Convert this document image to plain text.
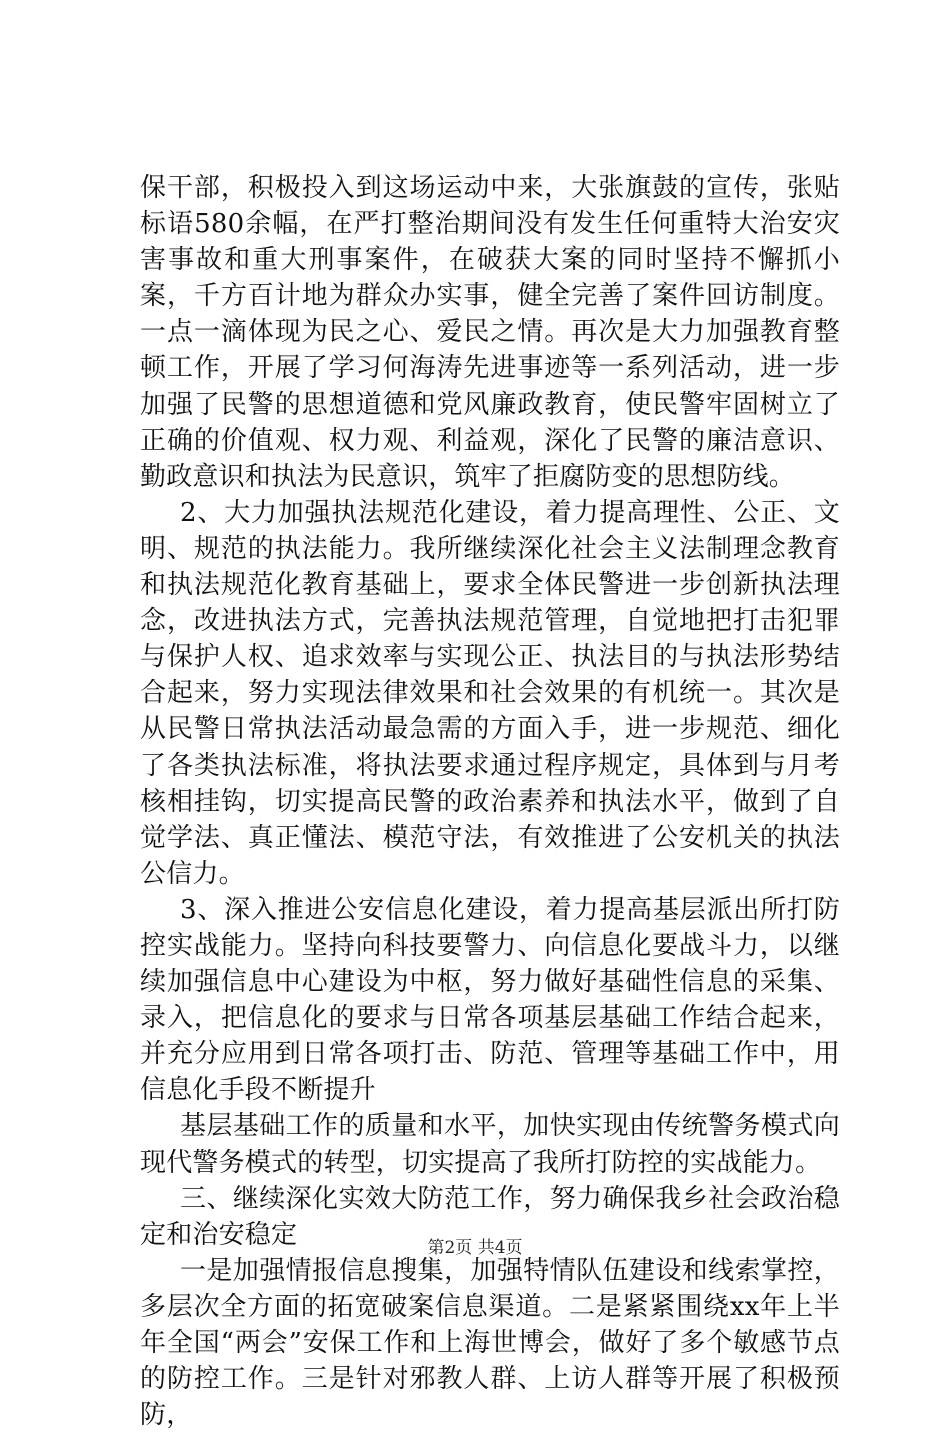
保干部，积极投入到这场运动中来，大张旗鼓的宣传，张贴标语580余幅，在严打整治期间没有发生任何重特大治安灾害事故和重大刑事案件，在破获大案的同时坚持不懈抓小案，千方百计地为群众办实事，健全完善了案件回访制度。一点一滴体现为民之心、爱民之情。再次是大力加强教育整顿工作，开展了学习何海涛先进事迹等一系列活动，进一步加强了民警的思想道德和党风廉政教育，使民警牢固树立了正确的价值观、权力观、利益观，深化了民警的廉洁意识、勤政意识和执法为民意识，筑牢了拒腐防变的思想防线。

2、大力加强执法规范化建设，着力提高理性、公正、文明、规范的执法能力。我所继续深化社会主义法制理念教育和执法规范化教育基础上，要求全体民警进一步创新执法理念，改进执法方式，完善执法规范管理，自觉地把打击犯罪与保护人权、追求效率与实现公正、执法目的与执法形势结合起来，努力实现法律效果和社会效果的有机统一。其次是从民警日常执法活动最急需的方面入手，进一步规范、细化了各类执法标准，将执法要求通过程序规定，具体到与月考核相挂钩，切实提高民警的政治素养和执法水平，做到了自觉学法、真正懂法、模范守法，有效推进了公安机关的执法公信力。

3、深入推进公安信息化建设，着力提高基层派出所打防控实战能力。坚持向科技要警力、向信息化要战斗力，以继续加强信息中心建设为中枢，努力做好基础性信息的采集、录入，把信息化的要求与日常各项基层基础工作结合起来，并充分应用到日常各项打击、防范、管理等基础工作中，用信息化手段不断提升

基层基础工作的质量和水平，加快实现由传统警务模式向现代警务模式的转型，切实提高了我所打防控的实战能力。

三、继续深化实效大防范工作，努力确保我乡社会政治稳定和治安稳定

一是加强情报信息搜集，加强特情队伍建设和线索掌控，多层次全方面的拓宽破案信息渠道。二是紧紧围绕xx年上半年全国“两会”安保工作和上海世博会，做好了多个敏感节点的防控工作。三是针对邪教人群、上访人群等开展了积极预防，

第2页 共4页
